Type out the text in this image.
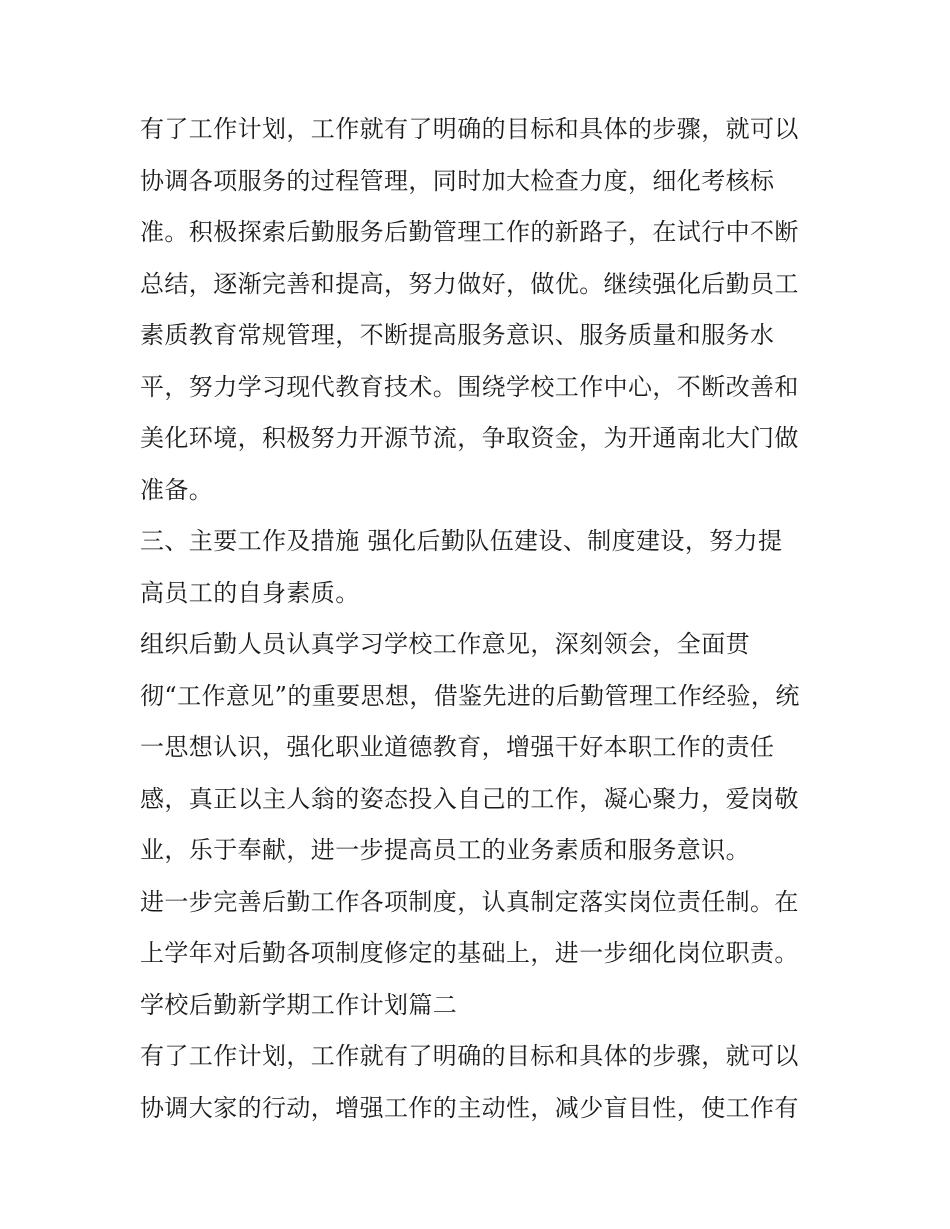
有了工作计划，工作就有了明确的目标和具体的步骤，就可以
协调各项服务的过程管理，同时加大检查力度，细化考核标
准。积极探索后勤服务后勤管理工作的新路子，在试行中不断
总结，逐渐完善和提高，努力做好，做优。继续强化后勤员工
素质教育常规管理，不断提高服务意识、服务质量和服务水
平，努力学习现代教育技术。围绕学校工作中心，不断改善和
美化环境，积极努力开源节流，争取资金，为开通南北大门做
准备。
三、主要工作及措施 强化后勤队伍建设、制度建设，努力提
高员工的自身素质。
组织后勤人员认真学习学校工作意见，深刻领会，全面贯
彻“工作意见”的重要思想，借鉴先进的后勤管理工作经验，统
一思想认识，强化职业道德教育，增强干好本职工作的责任
感，真正以主人翁的姿态投入自己的工作，凝心聚力，爱岗敬
业，乐于奉献，进一步提高员工的业务素质和服务意识。
进一步完善后勤工作各项制度，认真制定落实岗位责任制。在
上学年对后勤各项制度修定的基础上，进一步细化岗位职责。
学校后勤新学期工作计划篇二
有了工作计划，工作就有了明确的目标和具体的步骤，就可以
协调大家的行动，增强工作的主动性，减少盲目性，使工作有
